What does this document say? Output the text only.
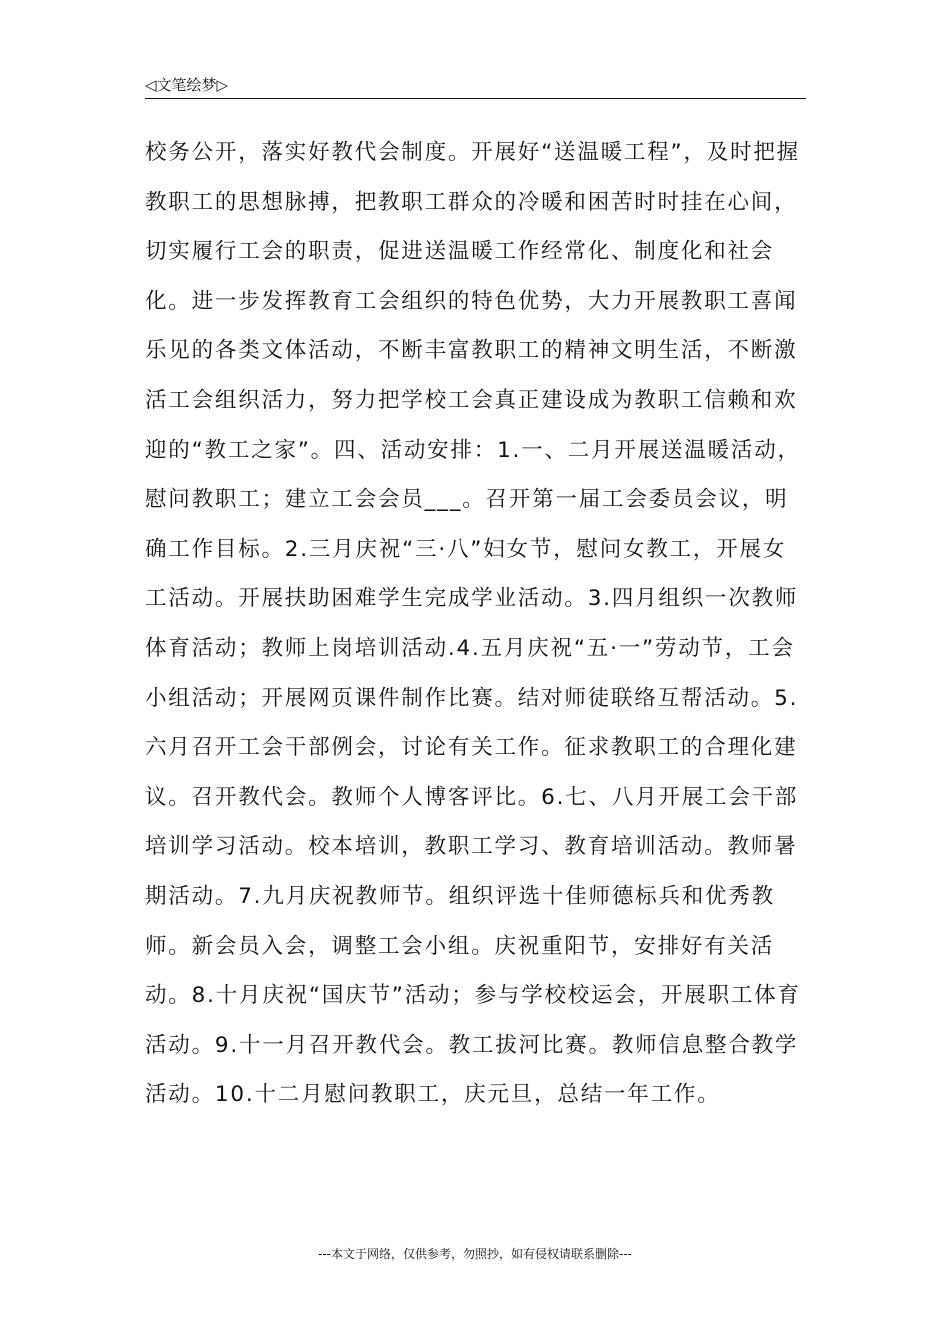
◁文笔绘梦▷

校务公开，落实好教代会制度。开展好“送温暖工程”，及时把握教职工的思想脉搏，把教职工群众的冷暖和困苦时时挂在心间，切实履行工会的职责，促进送温暖工作经常化、制度化和社会化。进一步发挥教育工会组织的特色优势，大力开展教职工喜闻乐见的各类文体活动，不断丰富教职工的精神文明生活，不断激活工会组织活力，努力把学校工会真正建设成为教职工信赖和欢迎的“教工之家”。四、活动安排：1.一、二月开展送温暖活动，慰问教职工；建立工会会员___。召开第一届工会委员会议，明确工作目标。2.三月庆祝“三·八”妇女节，慰问女教工，开展女工活动。开展扶助困难学生完成学业活动。3.四月组织一次教师体育活动；教师上岗培训活动.4.五月庆祝“五·一”劳动节，工会小组活动；开展网页课件制作比赛。结对师徒联络互帮活动。5.六月召开工会干部例会，讨论有关工作。征求教职工的合理化建议。召开教代会。教师个人博客评比。6.七、八月开展工会干部培训学习活动。校本培训，教职工学习、教育培训活动。教师暑期活动。7.九月庆祝教师节。组织评选十佳师德标兵和优秀教师。新会员入会，调整工会小组。庆祝重阳节，安排好有关活动。8.十月庆祝“国庆节”活动；参与学校校运会，开展职工体育活动。9.十一月召开教代会。教工拔河比赛。教师信息整合教学活动。10.十二月慰问教职工，庆元旦，总结一年工作。

---本文于网络，仅供参考，勿照抄，如有侵权请联系删除---
